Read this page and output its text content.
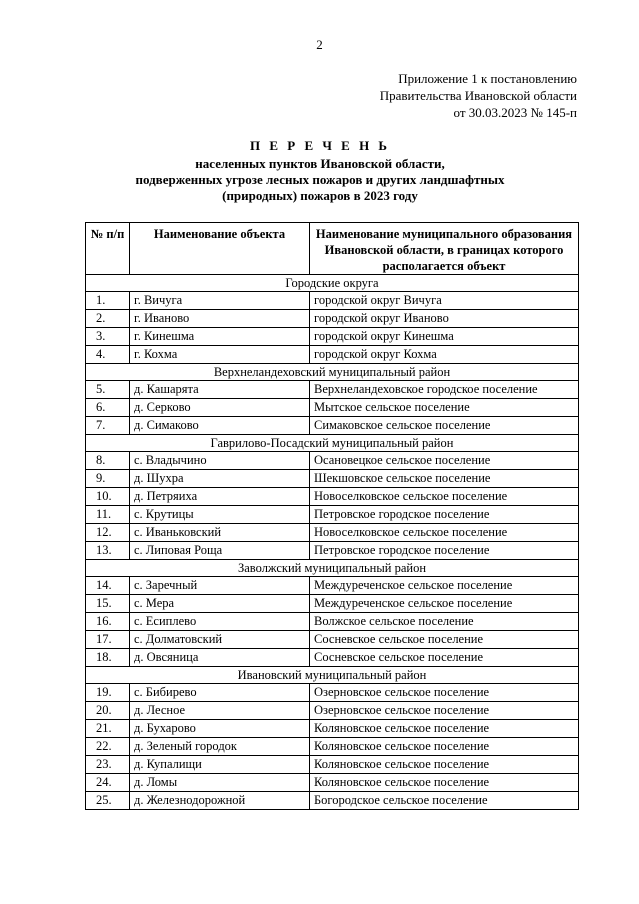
2
Приложение 1 к постановлению
Правительства Ивановской области
от 30.03.2023 № 145-п
П Е Р Е Ч Е Н Ь
населенных пунктов Ивановской области,
подверженных угрозе лесных пожаров и других ландшафтных
(природных) пожаров в 2023 году
№ п/п	Наименование объекта	Наименование муниципального образования Ивановской области, в границах которого располагается объект
Городские округа		
1.	г. Вичуга	городской округ Вичуга
2.	г. Иваново	городской округ Иваново
3.	г. Кинешма	городской округ Кинешма
4.	г. Кохма	городской округ Кохма
Верхнеландеховский муниципальный район		
5.	д. Кашарята	Верхнеландеховское городское поселение
6.	д. Серково	Мытское сельское поселение
7.	д. Симаково	Симаковское сельское поселение
Гаврилово-Посадский муниципальный район		
8.	с. Владычино	Осановецкое сельское поселение
9.	д. Шухра	Шекшовское сельское поселение
10.	д. Петряиха	Новоселковское сельское поселение
11.	с. Крутицы	Петровское городское поселение
12.	с. Иваньковский	Новоселковское сельское поселение
13.	с. Липовая Роща	Петровское городское поселение
Заволжский муниципальный район		
14.	с. Заречный	Междуреченское сельское поселение
15.	с. Мера	Междуреченское сельское поселение
16.	с. Есиплево	Волжское сельское поселение
17.	с. Долматовский	Сосневское сельское поселение
18.	д. Овсяница	Сосневское сельское поселение
Ивановский муниципальный район		
19.	с. Бибирево	Озерновское сельское поселение
20.	д. Лесное	Озерновское сельское поселение
21.	д. Бухарово	Коляновское сельское поселение
22.	д. Зеленый городок	Коляновское сельское поселение
23.	д. Купалищи	Коляновское сельское поселение
24.	д. Ломы	Коляновское сельское поселение
25.	д. Железнодорожной	Богородское сельское поселение
